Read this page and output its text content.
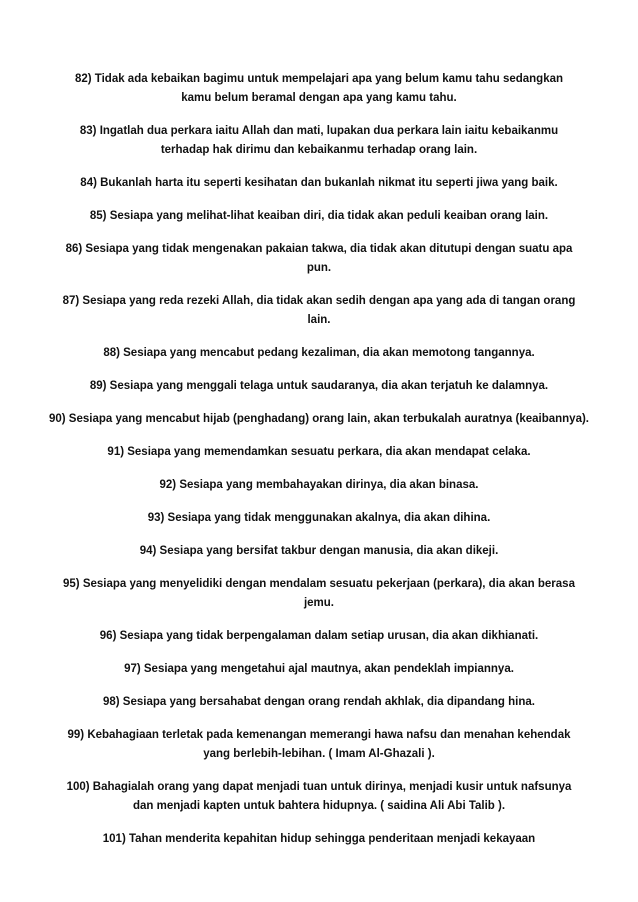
82) Tidak ada kebaikan bagimu untuk mempelajari apa yang belum kamu tahu sedangkan kamu belum beramal dengan apa yang kamu tahu.

83) Ingatlah dua perkara iaitu Allah dan mati, lupakan dua perkara lain iaitu kebaikanmu terhadap hak dirimu dan kebaikanmu terhadap orang lain.

84) Bukanlah harta itu seperti kesihatan dan bukanlah nikmat itu seperti jiwa yang baik.

85) Sesiapa yang melihat-lihat keaiban diri, dia tidak akan peduli keaiban orang lain.

86) Sesiapa yang tidak mengenakan pakaian takwa, dia tidak akan ditutupi dengan suatu apa pun.

87) Sesiapa yang reda rezeki Allah, dia tidak akan sedih dengan apa yang ada di tangan orang lain.

88) Sesiapa yang mencabut pedang kezaliman, dia akan memotong tangannya.

89) Sesiapa yang menggali telaga untuk saudaranya, dia akan terjatuh ke dalamnya.

90) Sesiapa yang mencabut hijab (penghadang) orang lain, akan terbukalah auratnya (keaibannya).

91) Sesiapa yang memendamkan sesuatu perkara, dia akan mendapat celaka.

92) Sesiapa yang membahayakan dirinya, dia akan binasa.

93) Sesiapa yang tidak menggunakan akalnya, dia akan dihina.

94) Sesiapa yang bersifat takbur dengan manusia, dia akan dikeji.

95) Sesiapa yang menyelidiki dengan mendalam sesuatu pekerjaan (perkara), dia akan berasa jemu.

96) Sesiapa yang tidak berpengalaman dalam setiap urusan, dia akan dikhianati.

97) Sesiapa yang mengetahui ajal mautnya, akan pendeklah impiannya.

98) Sesiapa yang bersahabat dengan orang rendah akhlak, dia dipandang hina.

99) Kebahagiaan terletak pada kemenangan memerangi hawa nafsu dan menahan kehendak yang berlebih-lebihan. ( Imam Al-Ghazali ).

100) Bahagialah orang yang dapat menjadi tuan untuk dirinya, menjadi kusir untuk nafsunya dan menjadi kapten untuk bahtera hidupnya. ( saidina Ali Abi Talib ).

101) Tahan menderita kepahitan hidup sehingga penderitaan menjadi kekayaan
